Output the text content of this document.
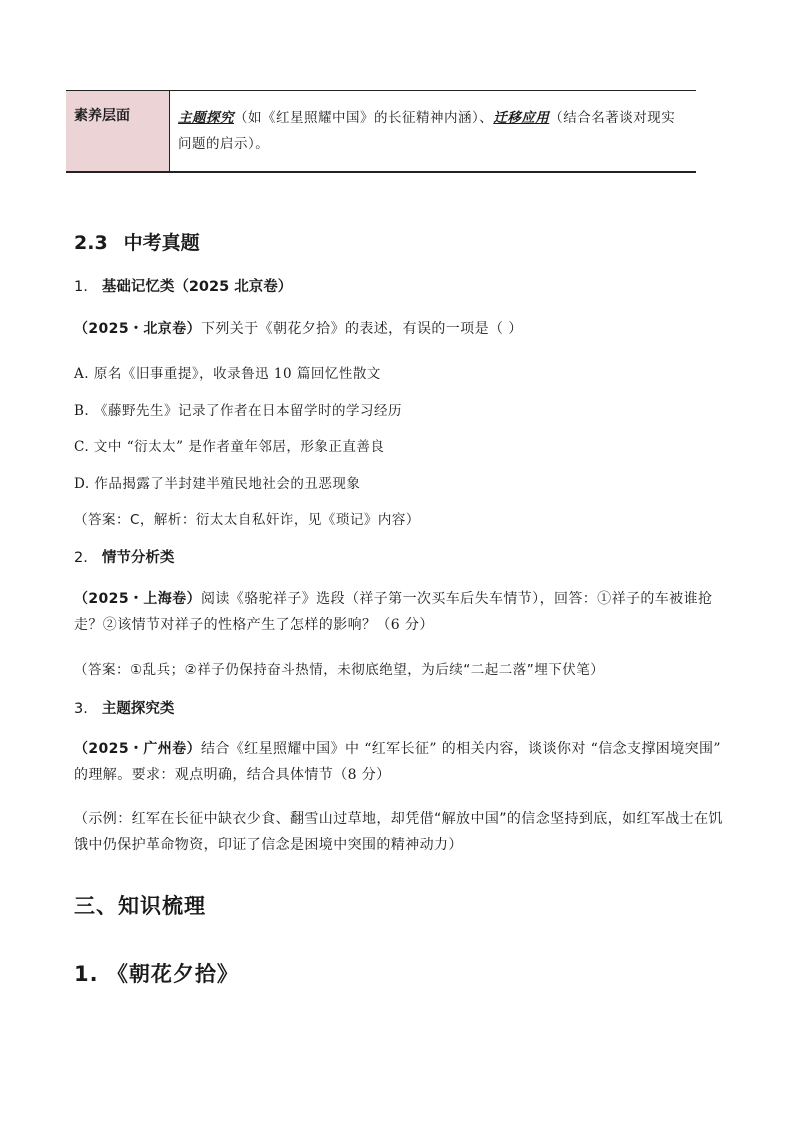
素养层面	主题探究（如《红星照耀中国》的长征精神内涵）、迁移应用（结合名著谈对现实问题的启示）。
2.3 中考真题
1. 基础记忆类（2025 北京卷）
（2025・北京卷）下列关于《朝花夕拾》的表述，有误的一项是（ ）
A. 原名《旧事重提》，收录鲁迅 10 篇回忆性散文
B. 《藤野先生》记录了作者在日本留学时的学习经历
C. 文中 “衍太太” 是作者童年邻居，形象正直善良
D. 作品揭露了半封建半殖民地社会的丑恶现象
（答案：C，解析：衍太太自私奸诈，见《琐记》内容）
2. 情节分析类
（2025・上海卷）阅读《骆驼祥子》选段（祥子第一次买车后失车情节），回答：①祥子的车被谁抢走？②该情节对祥子的性格产生了怎样的影响？（6 分）
（答案：①乱兵；②祥子仍保持奋斗热情，未彻底绝望，为后续“二起二落”埋下伏笔）
3. 主题探究类
（2025・广州卷）结合《红星照耀中国》中 “红军长征” 的相关内容，谈谈你对 “信念支撑困境突围” 的理解。要求：观点明确，结合具体情节（8 分）
（示例：红军在长征中缺衣少食、翻雪山过草地，却凭借“解放中国”的信念坚持到底，如红军战士在饥饿中仍保护革命物资，印证了信念是困境中突围的精神动力）
三、知识梳理
1. 《朝花夕拾》
